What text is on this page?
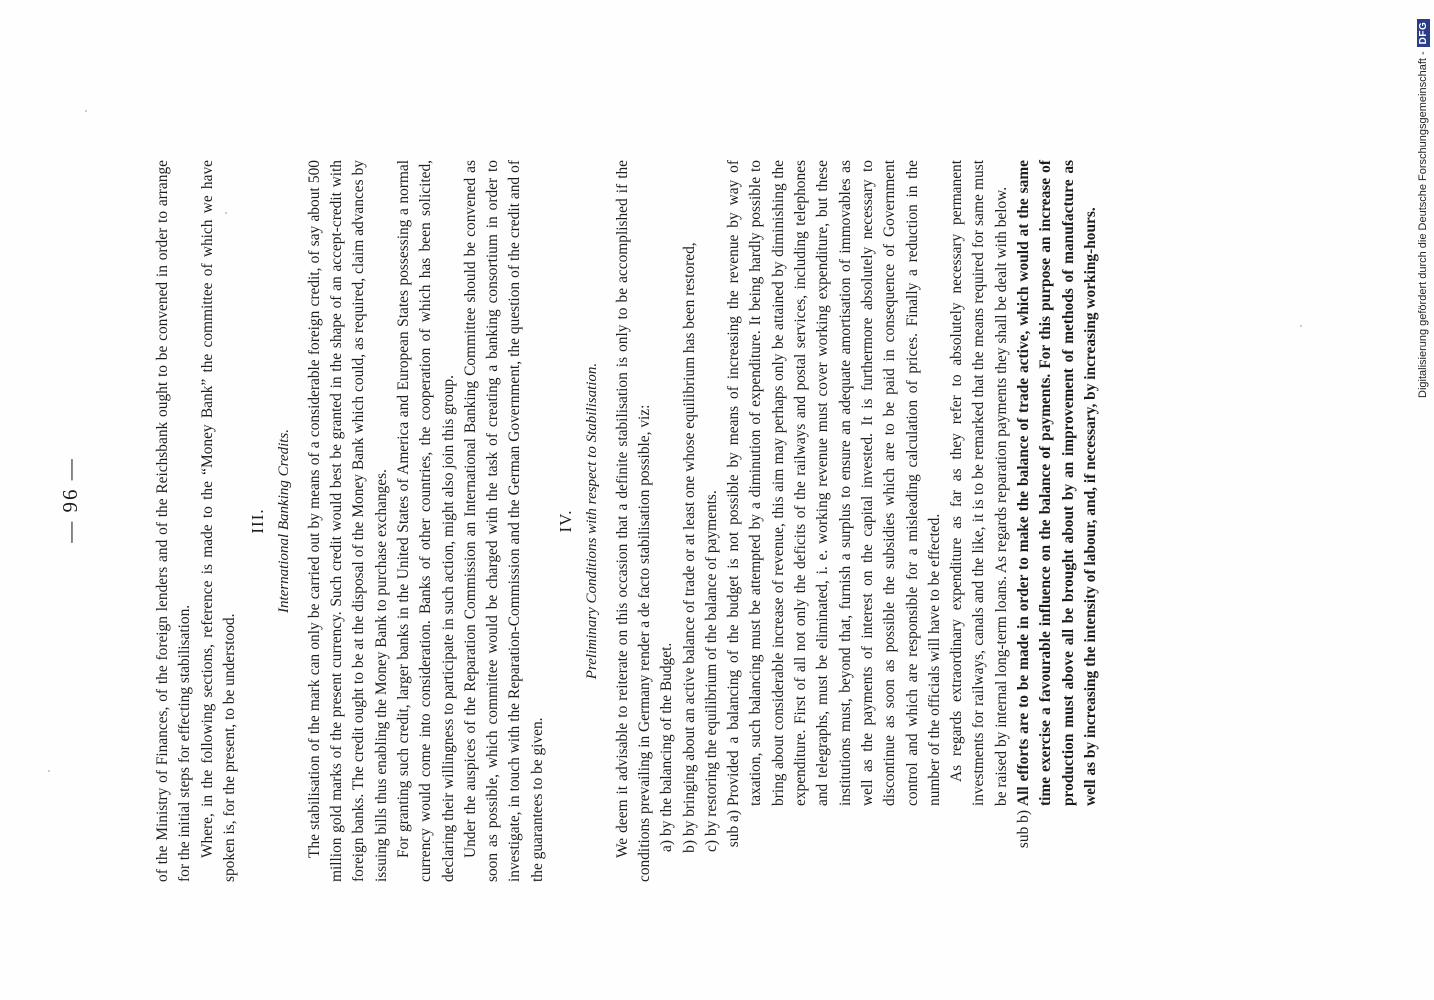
— 96 —	of the Ministry of Finances, of the foreign lenders and of the Reichsbank ought to be convened in order to arrange for the initial steps for effecting stabilisation. Where, in the following sections, reference is made to the “Money Bank” the committee of which we have spoken is, for the present, to be understood.

III. International Banking Credits. The stabilisation of the mark can only be carried out by means of a considerable foreign credit, of say about 500 million gold marks of the present currency. Such credit would best be granted in the shape of an accept-credit with foreign banks. The credit ought to be at the disposal of the Money Bank which could, as required, claim advances by issuing bills thus enabling the Money Bank to purchase exchanges. For granting such credit, larger banks in the United States of America and European States possessing a normal currency would come into consideration. Banks of other countries, the cooperation of which has been solicited, declaring their willingness to participate in such action, might also join this group. Under the auspices of the Reparation Commission an International Banking Committee should be convened as soon as possible, which committee would be charged with the task of creating a banking consortium in order to investigate, in touch with the Reparation-Commission and the German Government, the question of the credit and of the guarantees to be given.

IV. Preliminary Conditions with respect to Stabilisation. We deem it advisable to reiterate on this occasion that a definite stabilisation is only to be accomplished if the conditions prevailing in Germany render a de facto stabilisation possible, viz: a)
by the balancing of the Budget.
b)
by bringing about an active balance of trade or at least one whose equilibrium has been restored,
c)
by restoring the equilibrium of the balance of payments. sub a)

Provided a balancing of the budget is not possible by means of increasing the revenue by way of taxation, such balancing must be attempted by a diminution of expenditure. It being hardly possible to bring about considerable increase of revenue, this aim may perhaps only be attained by diminishing the expenditure. First of all not only the deficits of the railways and postal services, including telephones and telegraphs, must be eliminated, i. e. working revenue must cover working expenditure, but these institutions must, beyond that, furnish a surplus to ensure an adequate amortisation of immovables as well as the payments of interest on the capital invested. It is furthermore absolutely necessary to discontinue as soon as possible the subsidies which are to be paid in consequence of Government control and which are responsible for a misleading calculation of prices. Finally a reduction in the number of the officials will have to be effected. As regards extraordinary expenditure as far as they refer to absolutely necessary permanent investments for railways, canals and the like, it is to be remarked that the means required for same must be raised by internal long-term loans. As regards reparation payments they shall be dealt with below.

sub b)

All efforts are to be made in order to make the balance of trade active, which would at the same time exercise a favourable influence on the balance of payments. For this purpose an increase of production must above all be brought about by an improvement of methods of manufacture as well as by increasing the intensity of labour, and, if necessary, by increasing working-hours.	Digitalisierung gefördert durch die Deutsche Forschungsgemeinschaft -
DFG
